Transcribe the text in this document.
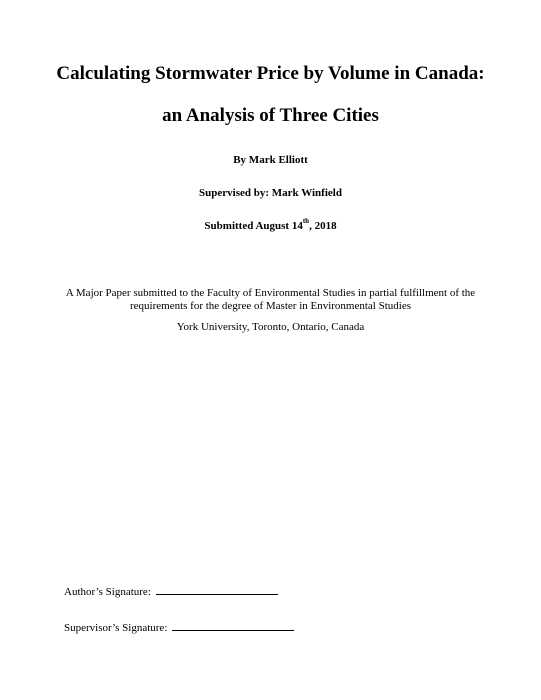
Calculating Stormwater Price by Volume in Canada:
an Analysis of Three Cities
By Mark Elliott
Supervised by: Mark Winfield
Submitted August 14th, 2018
A Major Paper submitted to the Faculty of Environmental Studies in partial fulfillment of the
requirements for the degree of Master in Environmental Studies
York University, Toronto, Ontario, Canada
Author’s Signature:
Supervisor’s Signature:
